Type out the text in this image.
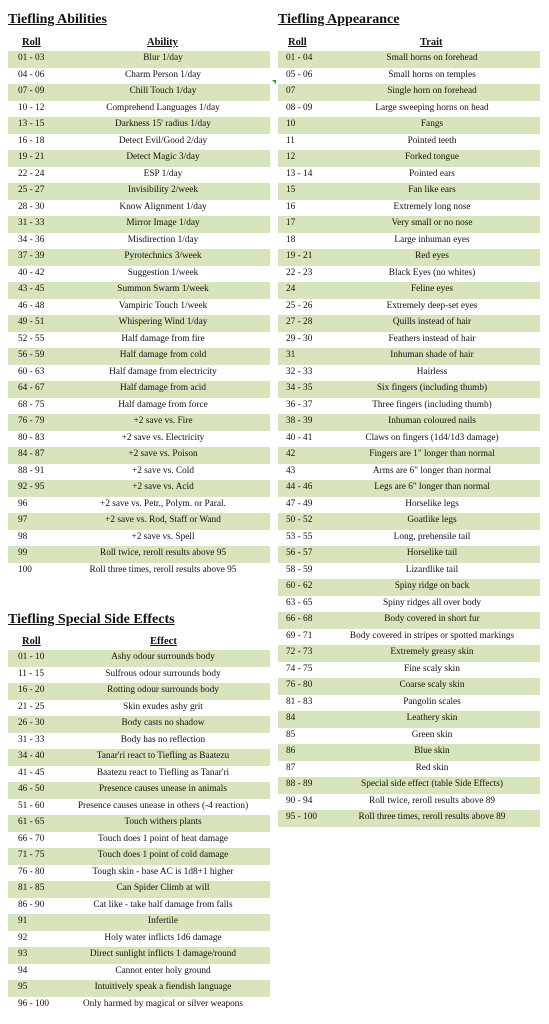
Tiefling Abilities	Tiefling Appearance
Tiefling Special Side Effects
Roll	Ability
01 - 03	Blur 1/day
04 - 06	Charm Person 1/day
07 - 09	Chill Touch 1/day
10 - 12	Comprehend Languages 1/day
13 - 15	Darkness 15' radius 1/day
16 - 18	Detect Evil/Good 2/day
19 - 21	Detect Magic 3/day
22 - 24	ESP 1/day
25 - 27	Invisibility 2/week
28 - 30	Know Alignment 1/day
31 - 33	Mirror Image 1/day
34 - 36	Misdirection 1/day
37 - 39	Pyrotechnics 3/week
40 - 42	Suggestion 1/week
43 - 45	Summon Swarm 1/week
46 - 48	Vampiric Touch 1/week
49 - 51	Whispering Wind 1/day
52 - 55	Half damage from fire
56 - 59	Half damage from cold
60 - 63	Half damage from electricity
64 - 67	Half damage from acid
68 - 75	Half damage from force
76 - 79	+2 save vs. Fire
80 - 83	+2 save vs. Electricity
84 - 87	+2 save vs. Poison
88 - 91	+2 save vs. Cold
92 - 95	+2 save vs. Acid
96	+2 save vs. Petr., Polym. or Paral.
97	+2 save vs. Rod, Staff or Wand
98	+2 save vs. Spell
99	Roll twice, reroll results above 95
100	Roll three times, reroll results above 95
Roll	Trait
01 - 04	Small horns on forehead
05 - 06	Small horns on temples
07	Single horn on forehead
08 - 09	Large sweeping horns on head
10	Fangs
11	Pointed teeth
12	Forked tongue
13 - 14	Pointed ears
15	Fan like ears
16	Extremely long nose
17	Very small or no nose
18	Large inhuman eyes
19 - 21	Red eyes
22 - 23	Black Eyes (no whites)
24	Feline eyes
25 - 26	Extremely deep-set eyes
27 - 28	Quills instead of hair
29 - 30	Feathers instead of hair
31	Inhuman shade of hair
32 - 33	Hairless
34 - 35	Six fingers (including thumb)
36 - 37	Three fingers (including thumb)
38 - 39	Inhuman coloured nails
40 - 41	Claws on fingers (1d4/1d3 damage)
42	Fingers are 1" longer than normal
43	Arms are 6" longer than normal
44 - 46	Legs are 6" longer than normal
47 - 49	Horselike legs
50 - 52	Goatlike legs
53 - 55	Long, prehensile tail
56 - 57	Horselike tail
58 - 59	Lizardlike tail
60 - 62	Spiny ridge on back
63 - 65	Spiny ridges all over body
66 - 68	Body covered in short fur
69 - 71	Body covered in stripes or spotted markings
72 - 73	Extremely greasy skin
74 - 75	Fine scaly skin
76 - 80	Coarse scaly skin
81 - 83	Pangolin scales
84	Leathery skin
85	Green skin
86	Blue skin
87	Red skin
88 - 89	Special side effect (table Side Effects)
90 - 94	Roll twice, reroll results above 89
95 - 100	Roll three times, reroll results above 89
Roll	Effect
01 - 10	Ashy odour surrounds body
11 - 15	Sulfrous odour surrounds body
16 - 20	Rotting odour surrounds body
21 - 25	Skin exudes ashy grit
26 - 30	Body casts no shadow
31 - 33	Body has no reflection
34 - 40	Tanar'ri react to Tiefling as Baatezu
41 - 45	Baatezu react to Tiefling as Tanar'ri
46 - 50	Presence causes unease in animals
51 - 60	Presence causes unease in others (-4 reaction)
61 - 65	Touch withers plants
66 - 70	Touch does 1 point of heat damage
71 - 75	Touch does 1 point of cold damage
76 - 80	Tough skin - base AC is 1d8+1 higher
81 - 85	Can Spider Climb at will
86 - 90	Cat like - take half damage from falls
91	Infertile
92	Holy water inflicts 1d6 damage
93	Direct sunlight inflicts 1 damage/round
94	Cannot enter holy ground
95	Intuitively speak a fiendish language
96 - 100	Only harmed by magical or silver weapons
